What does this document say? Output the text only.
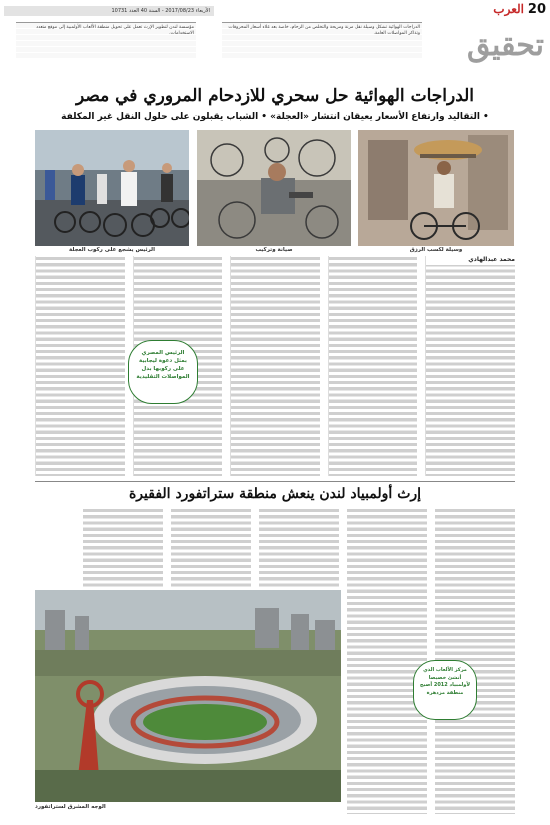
الأربعاء 2017/08/23 - السنة 40 العدد 10731	20
العرب
تحقيق
الدراجات الهوائية تشكل وسيلة نقل مرنة ومريحة والتخلص من الزحام، خاصة بعد غلاء أسعار المحروقات وتذاكر المواصلات العامة.
مؤسسة لندن لتطوير الإرث تعمل على تحويل منطقة الألعاب الأولمبية إلى موقع متعدد الاستخدامات.
الدراجات الهوائية حل سحري للازدحام المروري في مصر
• التقاليد وارتفاع الأسعار يعيقان انتشار «العجلة» • الشباب يقبلون على حلول النقل غير المكلفة
الرئيس يشجع على ركوب العجلة	صيانة وتركيب	وسيلة لكسب الرزق
محمد عبدالهادي
الرئيس المصري بمثل دعوة ليجابية على ركوبها بدل المواصلات التقليدية
إرث أولمبياد لندن ينعش منطقة ستراتفورد الفقيرة
مركز الألعاب الذي أنشئ خصيصا لأولمبياد 2012 أصبح منطقة مزدهرة
الوجه المشرق لستراتفورد
